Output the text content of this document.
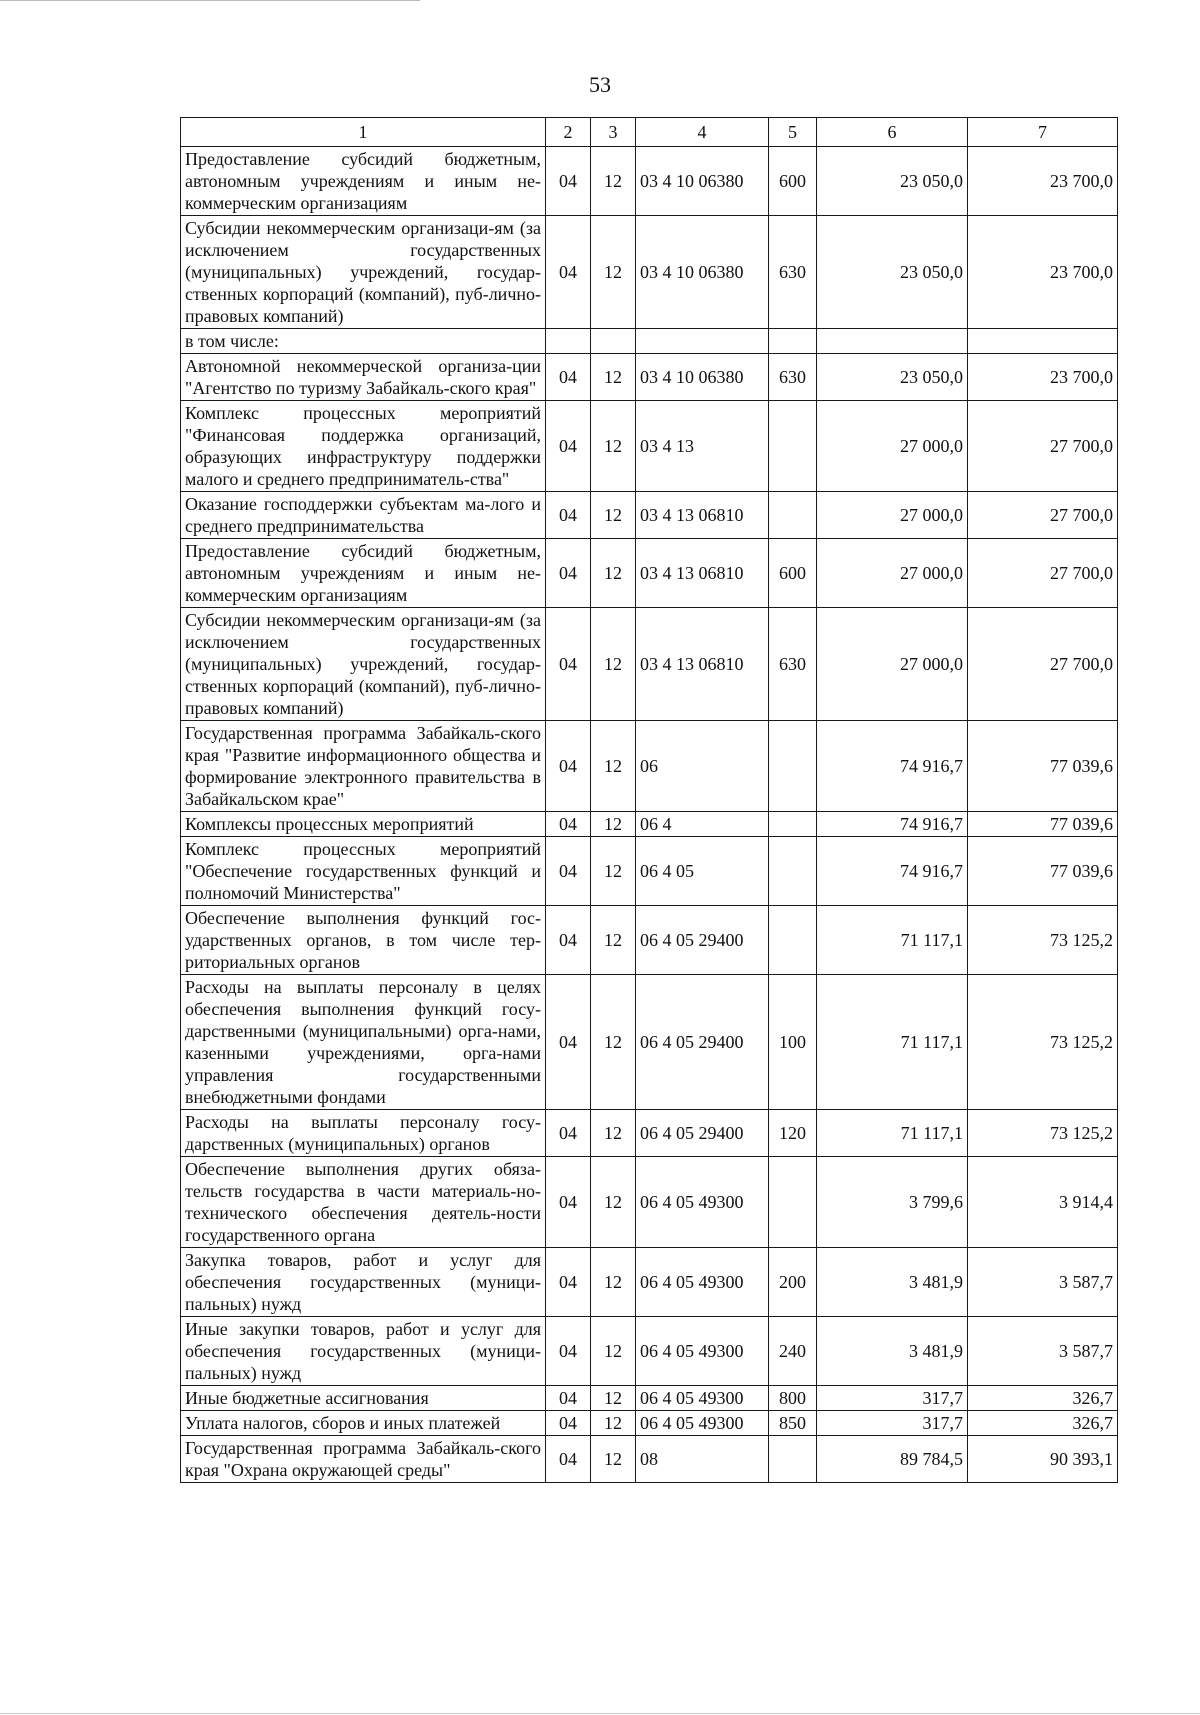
53
1	2	3	4	5	6	7
Предоставление субсидий бюджетным, автономным учреждениям и иным не-коммерческим организациям	04	12	03 4 10 06380	600	23 050,0	23 700,0
Субсидии некоммерческим организаци-ям (за исключением государственных (муниципальных) учреждений, государ-ственных корпораций (компаний), пуб-лично-правовых компаний)	04	12	03 4 10 06380	630	23 050,0	23 700,0
в том числе:						
Автономной некоммерческой организа-ции "Агентство по туризму Забайкаль-ского края"	04	12	03 4 10 06380	630	23 050,0	23 700,0
Комплекс процессных мероприятий "Финансовая поддержка организаций, образующих инфраструктуру поддержки малого и среднего предприниматель-ства"	04	12	03 4 13		27 000,0	27 700,0
Оказание господдержки субъектам ма-лого и среднего предпринимательства	04	12	03 4 13 06810		27 000,0	27 700,0
Предоставление субсидий бюджетным, автономным учреждениям и иным не-коммерческим организациям	04	12	03 4 13 06810	600	27 000,0	27 700,0
Субсидии некоммерческим организаци-ям (за исключением государственных (муниципальных) учреждений, государ-ственных корпораций (компаний), пуб-лично-правовых компаний)	04	12	03 4 13 06810	630	27 000,0	27 700,0
Государственная программа Забайкаль-ского края "Развитие информационного общества и формирование электронного правительства в Забайкальском крае"	04	12	06		74 916,7	77 039,6
Комплексы процессных мероприятий	04	12	06 4		74 916,7	77 039,6
Комплекс процессных мероприятий "Обеспечение государственных функций и полномочий Министерства"	04	12	06 4 05		74 916,7	77 039,6
Обеспечение выполнения функций гос-ударственных органов, в том числе тер-риториальных органов	04	12	06 4 05 29400		71 117,1	73 125,2
Расходы на выплаты персоналу в целях обеспечения выполнения функций госу-дарственными (муниципальными) орга-нами, казенными учреждениями, орга-нами управления государственными внебюджетными фондами	04	12	06 4 05 29400	100	71 117,1	73 125,2
Расходы на выплаты персоналу госу-дарственных (муниципальных) органов	04	12	06 4 05 29400	120	71 117,1	73 125,2
Обеспечение выполнения других обяза-тельств государства в части материаль-но-технического обеспечения деятель-ности государственного органа	04	12	06 4 05 49300		3 799,6	3 914,4
Закупка товаров, работ и услуг для обеспечения государственных (муници-пальных) нужд	04	12	06 4 05 49300	200	3 481,9	3 587,7
Иные закупки товаров, работ и услуг для обеспечения государственных (муници-пальных) нужд	04	12	06 4 05 49300	240	3 481,9	3 587,7
Иные бюджетные ассигнования	04	12	06 4 05 49300	800	317,7	326,7
Уплата налогов, сборов и иных платежей	04	12	06 4 05 49300	850	317,7	326,7
Государственная программа Забайкаль-ского края "Охрана окружающей среды"	04	12	08		89 784,5	90 393,1
